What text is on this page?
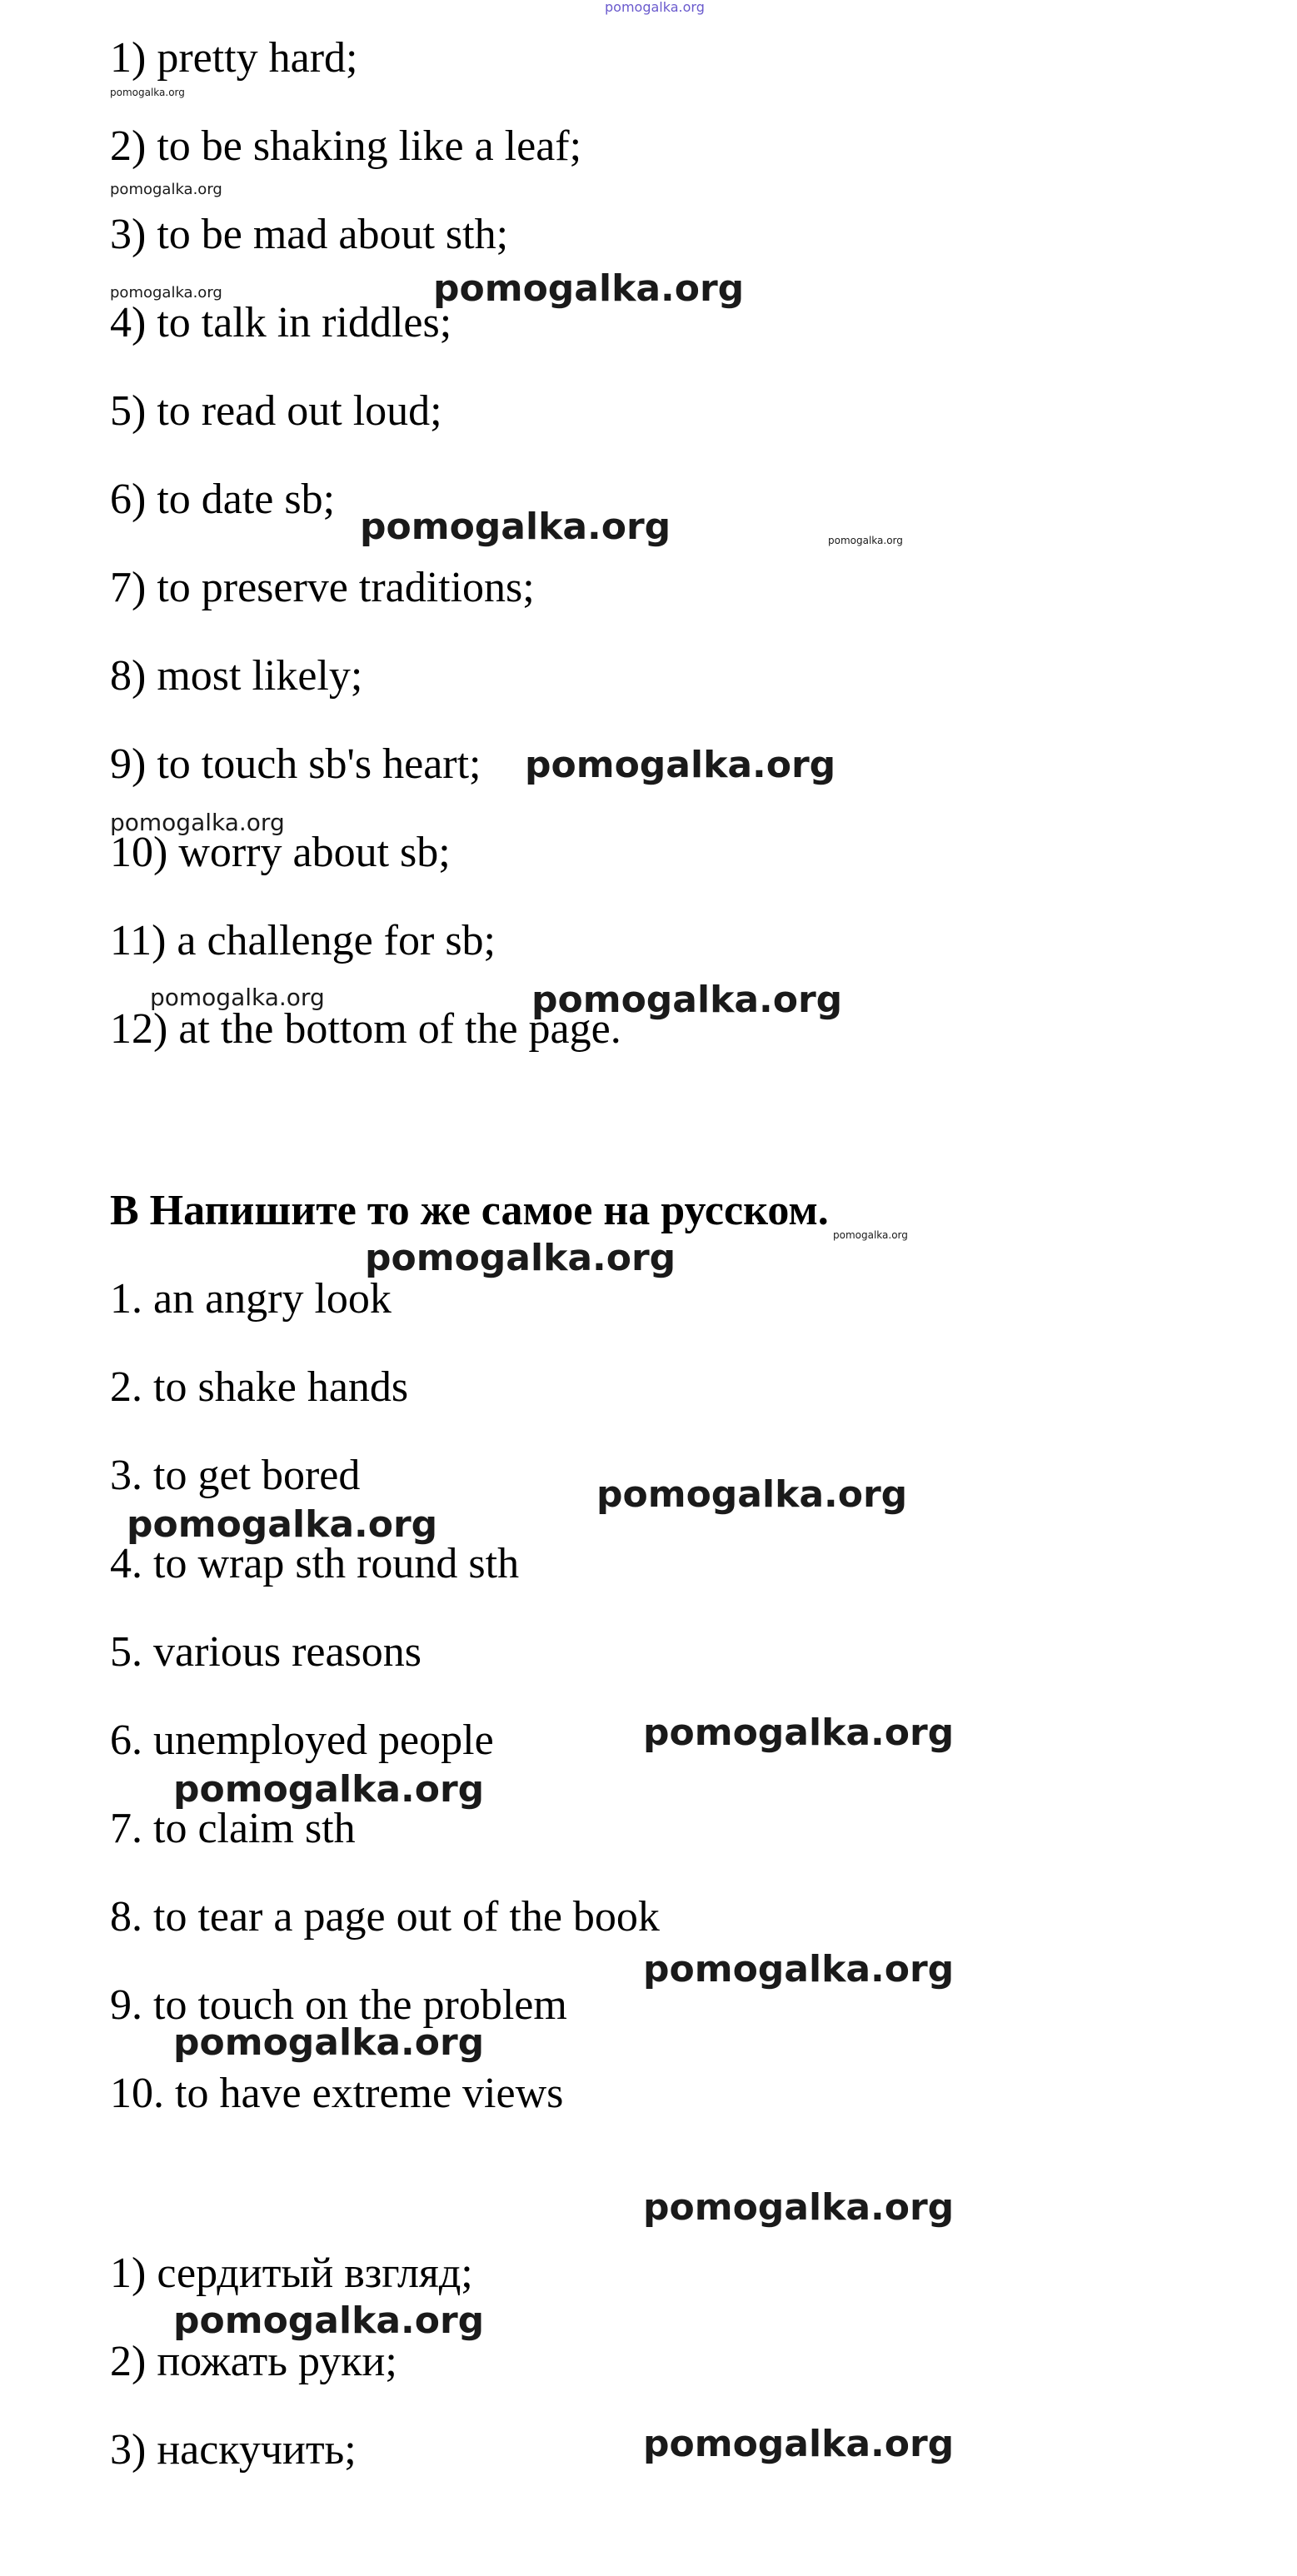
pomogalka.org

1) pretty hard;

2) to be shaking like a leaf;

3) to be mad about sth;

4) to talk in riddles;

5) to read out loud;

6) to date sb;

7) to preserve traditions;

8) most likely;

9) to touch sb's heart;

10) worry about sb;

11) a challenge for sb;

12) at the bottom of the page.

B Напишите то же самое на русском.

1. an angry look

2. to shake hands

3. to get bored

4. to wrap sth round sth

5. various reasons

6. unemployed people

7. to claim sth

8. to tear a page out of the book

9. to touch on the problem

10. to have extreme views

1) сердитый взгляд;

2) пожать руки;

3) наскучить;

pomogalka.org
pomogalka.org
pomogalka.org	pomogalka.org
pomogalka.org	pomogalka.org
pomogalka.org
pomogalka.org
pomogalka.org	pomogalka.org
pomogalka.org
pomogalka.org
pomogalka.org
pomogalka.org
pomogalka.org
pomogalka.org
pomogalka.org
pomogalka.org
pomogalka.org
pomogalka.org
pomogalka.org
